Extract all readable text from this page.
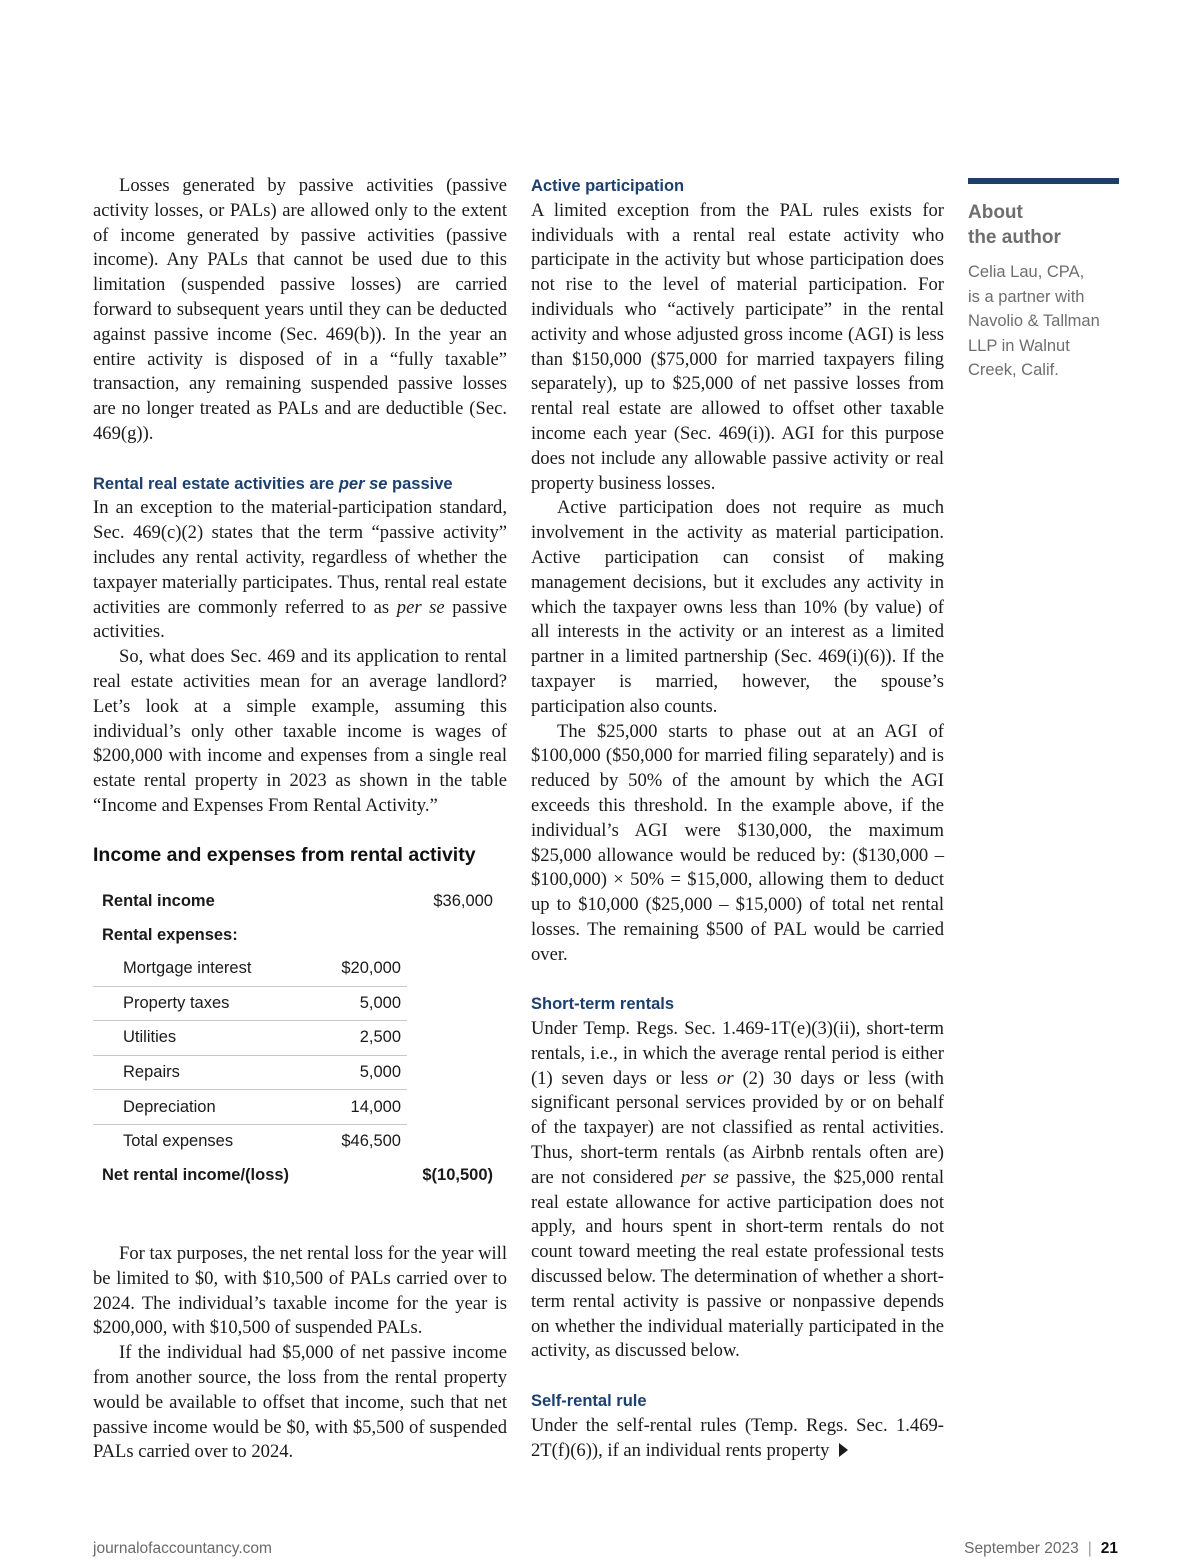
Losses generated by passive activities (passive activity losses, or PALs) are allowed only to the extent of income generated by passive activities (passive income). Any PALs that cannot be used due to this limitation (suspended passive losses) are carried forward to subsequent years until they can be deducted against passive income (Sec. 469(b)). In the year an entire activity is disposed of in a “fully taxable” transaction, any remaining suspended passive losses are no longer treated as PALs and are deductible (Sec. 469(g)).

Rental real estate activities are per se passive

In an exception to the material-participation standard, Sec. 469(c)(2) states that the term “passive activity” includes any rental activity, regardless of whether the taxpayer materially participates. Thus, rental real estate activities are commonly referred to as per se passive activities.

So, what does Sec. 469 and its application to rental real estate activities mean for an average landlord? Let’s look at a simple example, assuming this individual’s only other taxable income is wages of $200,000 with income and expenses from a single real estate rental property in 2023 as shown in the table “Income and Expenses From Rental Activity.”

Income and expenses from rental activity
Rental income		$36,000
Rental expenses:		
Mortgage interest	$20,000	
Property taxes	5,000	
Utilities	2,500	
Repairs	5,000	
Depreciation	14,000	
Total expenses	$46,500	
Net rental income/(loss)		$(10,500)

For tax purposes, the net rental loss for the year will be limited to $0, with $10,500 of PALs carried over to 2024. The individual’s taxable income for the year is $200,000, with $10,500 of suspended PALs.

If the individual had $5,000 of net passive income from another source, the loss from the rental property would be available to offset that income, such that net passive income would be $0, with $5,500 of suspended PALs carried over to 2024.

Active participation

A limited exception from the PAL rules exists for individuals with a rental real estate activity who participate in the activity but whose participation does not rise to the level of material participation. For individuals who “actively participate” in the rental activity and whose adjusted gross income (AGI) is less than $150,000 ($75,000 for married taxpayers filing separately), up to $25,000 of net passive losses from rental real estate are allowed to offset other taxable income each year (Sec. 469(i)). AGI for this purpose does not include any allowable passive activity or real property business losses.

Active participation does not require as much involvement in the activity as material participation. Active participation can consist of making management decisions, but it excludes any activity in which the taxpayer owns less than 10% (by value) of all interests in the activity or an interest as a limited partner in a limited partnership (Sec. 469(i)(6)). If the taxpayer is married, however, the spouse’s participation also counts.

The $25,000 starts to phase out at an AGI of $100,000 ($50,000 for married filing separately) and is reduced by 50% of the amount by which the AGI exceeds this threshold. In the example above, if the individual’s AGI were $130,000, the maximum $25,000 allowance would be reduced by: ($130,000 – $100,000) × 50% = $15,000, allowing them to deduct up to $10,000 ($25,000 – $15,000) of total net rental losses. The remaining $500 of PAL would be carried over.

Short-term rentals

Under Temp. Regs. Sec. 1.469-1T(e)(3)(ii), short-term rentals, i.e., in which the average rental period is either (1) seven days or less or (2) 30 days or less (with significant personal services provided by or on behalf of the taxpayer) are not classified as rental activities. Thus, short-term rentals (as Airbnb rentals often are) are not considered per se passive, the $25,000 rental real estate allowance for active participation does not apply, and hours spent in short-term rentals do not count toward meeting the real estate professional tests discussed below. The determination of whether a short-term rental activity is passive or nonpassive depends on whether the individual materially participated in the activity, as discussed below.

Self-rental rule

Under the self-rental rules (Temp. Regs. Sec. 1.469-2T(f)(6)), if an individual rents property

About
the author

Celia Lau, CPA,
is a partner with
Navolio & Tallman
LLP in Walnut
Creek, Calif.

journalofaccountancy.com	September 2023 | 21
